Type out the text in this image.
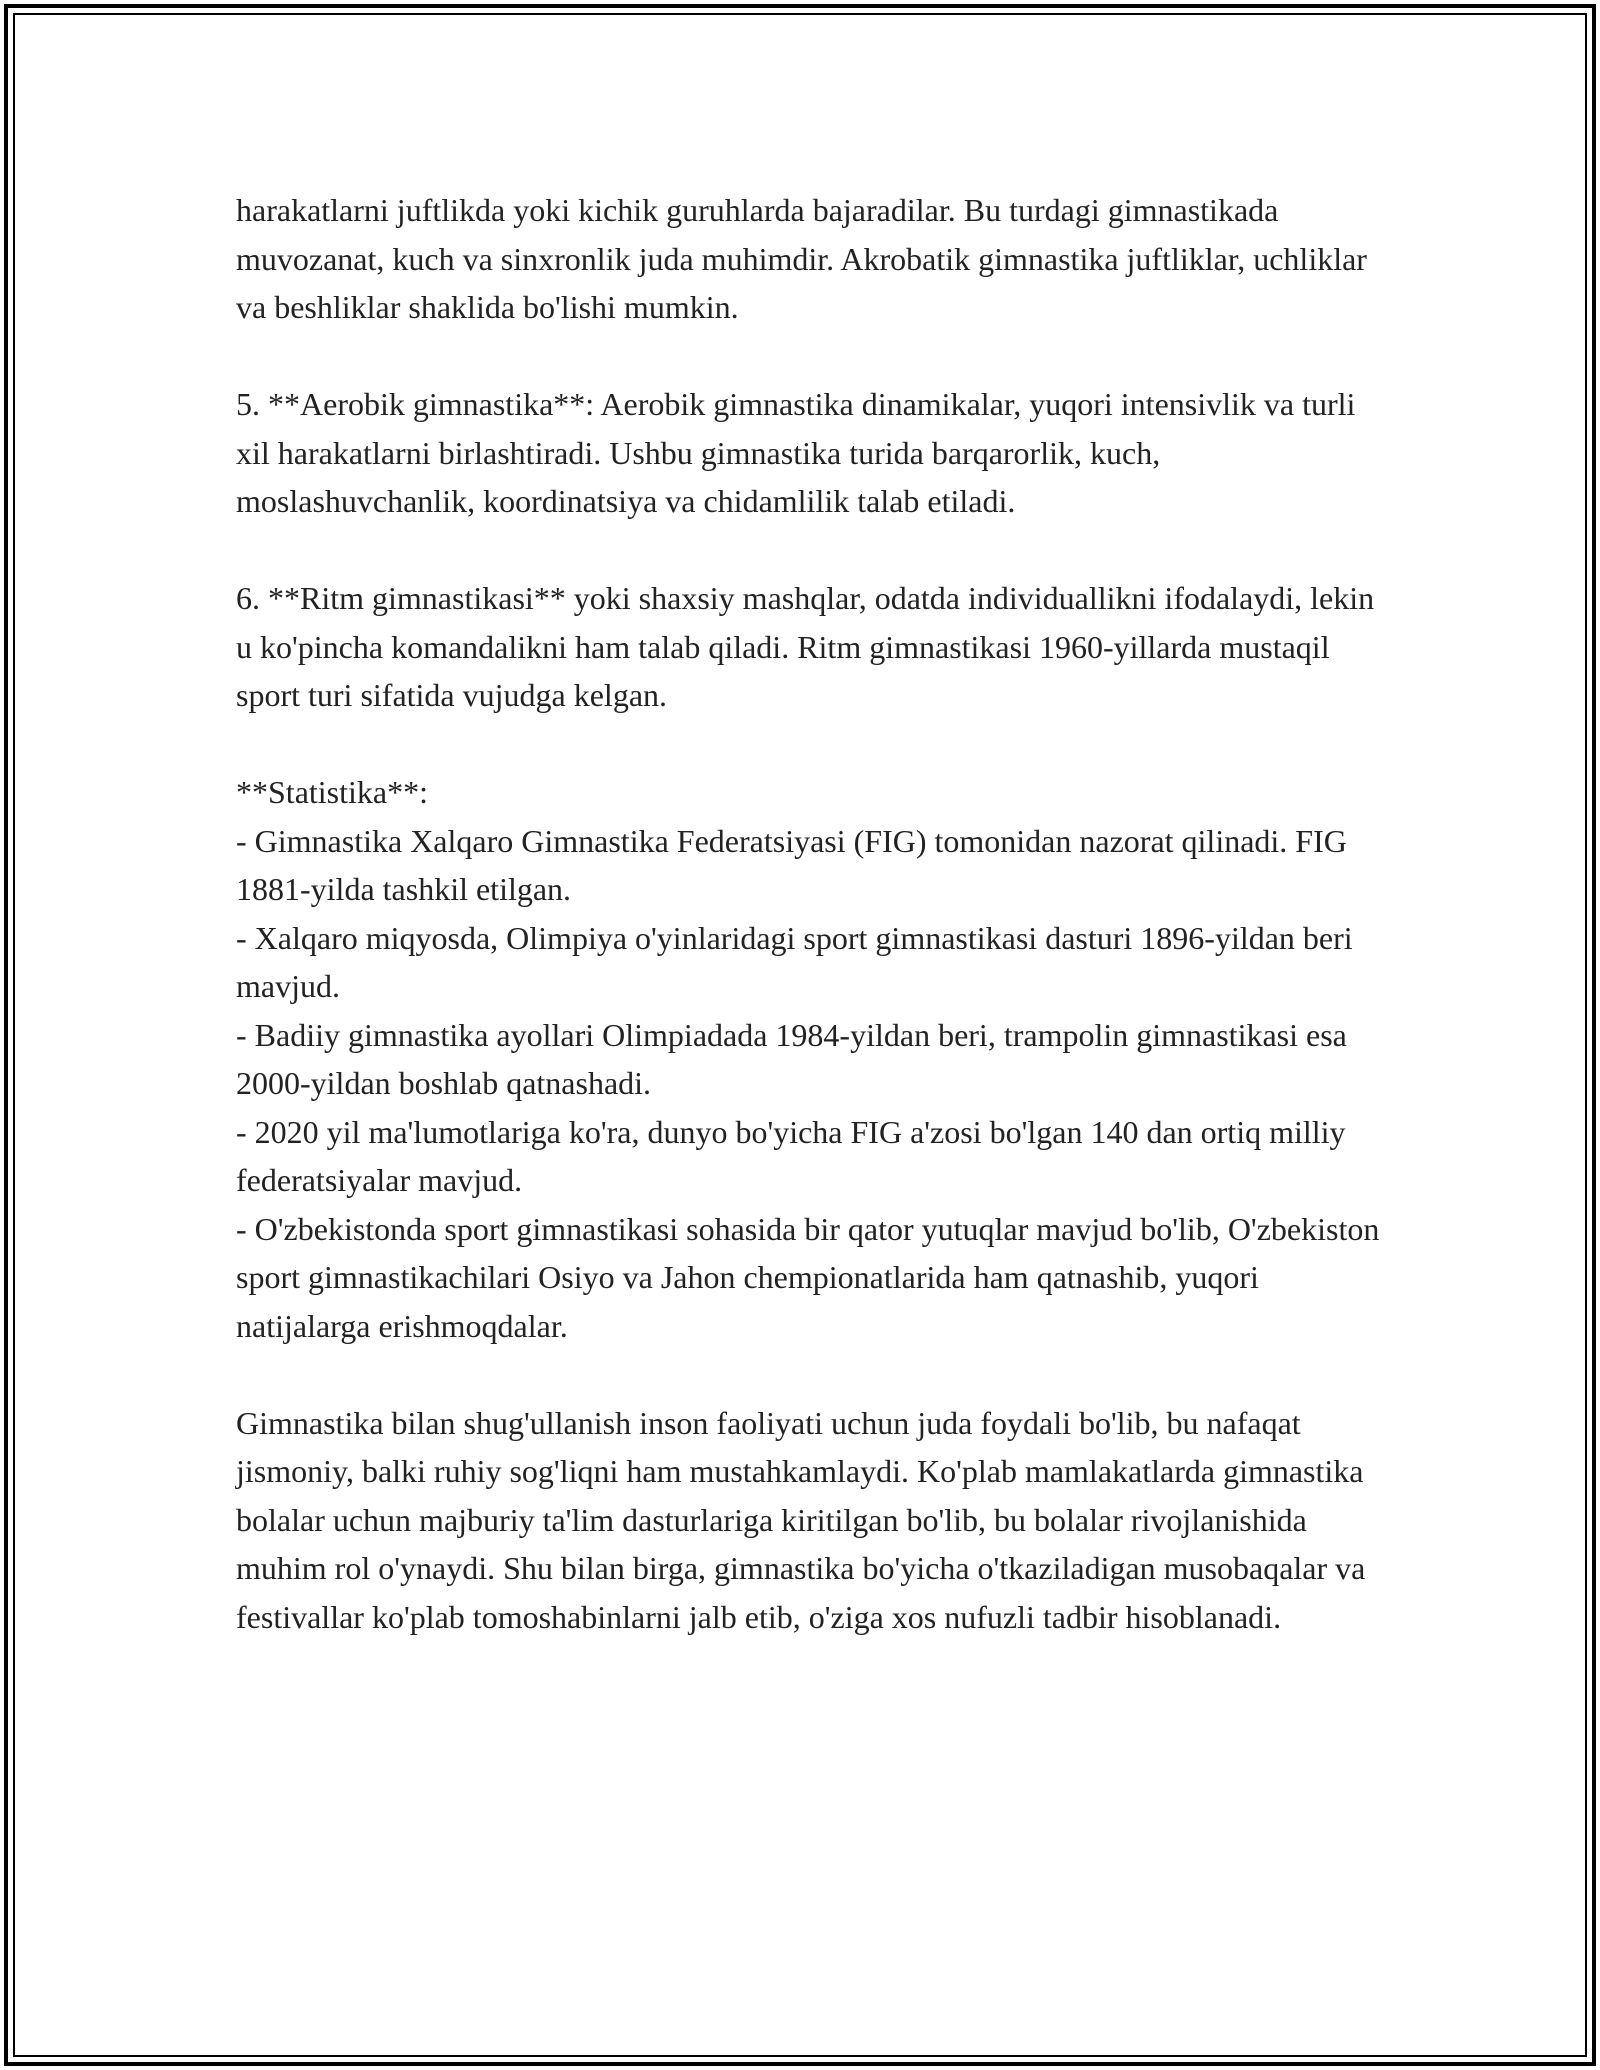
harakatlarni juftlikda yoki kichik guruhlarda bajaradilar. Bu turdagi gimnastikada muvozanat, kuch va sinxronlik juda muhimdir. Akrobatik gimnastika juftliklar, uchliklar va beshliklar shaklida bo'lishi mumkin.

5. **Aerobik gimnastika**: Aerobik gimnastika dinamikalar, yuqori intensivlik va turli xil harakatlarni birlashtiradi. Ushbu gimnastika turida barqarorlik, kuch, moslashuvchanlik, koordinatsiya va chidamlilik talab etiladi.

6. **Ritm gimnastikasi** yoki shaxsiy mashqlar, odatda individuallikni ifodalaydi, lekin u ko'pincha komandalikni ham talab qiladi. Ritm gimnastikasi 1960-yillarda mustaqil sport turi sifatida vujudga kelgan.

**Statistika**:

- Gimnastika Xalqaro Gimnastika Federatsiyasi (FIG) tomonidan nazorat qilinadi. FIG 1881-yilda tashkil etilgan.

- Xalqaro miqyosda, Olimpiya o'yinlaridagi sport gimnastikasi dasturi 1896-yildan beri mavjud.

- Badiiy gimnastika ayollari Olimpiadada 1984-yildan beri, trampolin gimnastikasi esa 2000-yildan boshlab qatnashadi.

- 2020 yil ma'lumotlariga ko'ra, dunyo bo'yicha FIG a'zosi bo'lgan 140 dan ortiq milliy federatsiyalar mavjud.

- O'zbekistonda sport gimnastikasi sohasida bir qator yutuqlar mavjud bo'lib, O'zbekiston sport gimnastikachilari Osiyo va Jahon chempionatlarida ham qatnashib, yuqori natijalarga erishmoqdalar.

Gimnastika bilan shug'ullanish inson faoliyati uchun juda foydali bo'lib, bu nafaqat jismoniy, balki ruhiy sog'liqni ham mustahkamlaydi. Ko'plab mamlakatlarda gimnastika bolalar uchun majburiy ta'lim dasturlariga kiritilgan bo'lib, bu bolalar rivojlanishida muhim rol o'ynaydi. Shu bilan birga, gimnastika bo'yicha o'tkaziladigan musobaqalar va festivallar ko'plab tomoshabinlarni jalb etib, o'ziga xos nufuzli tadbir hisoblanadi.
